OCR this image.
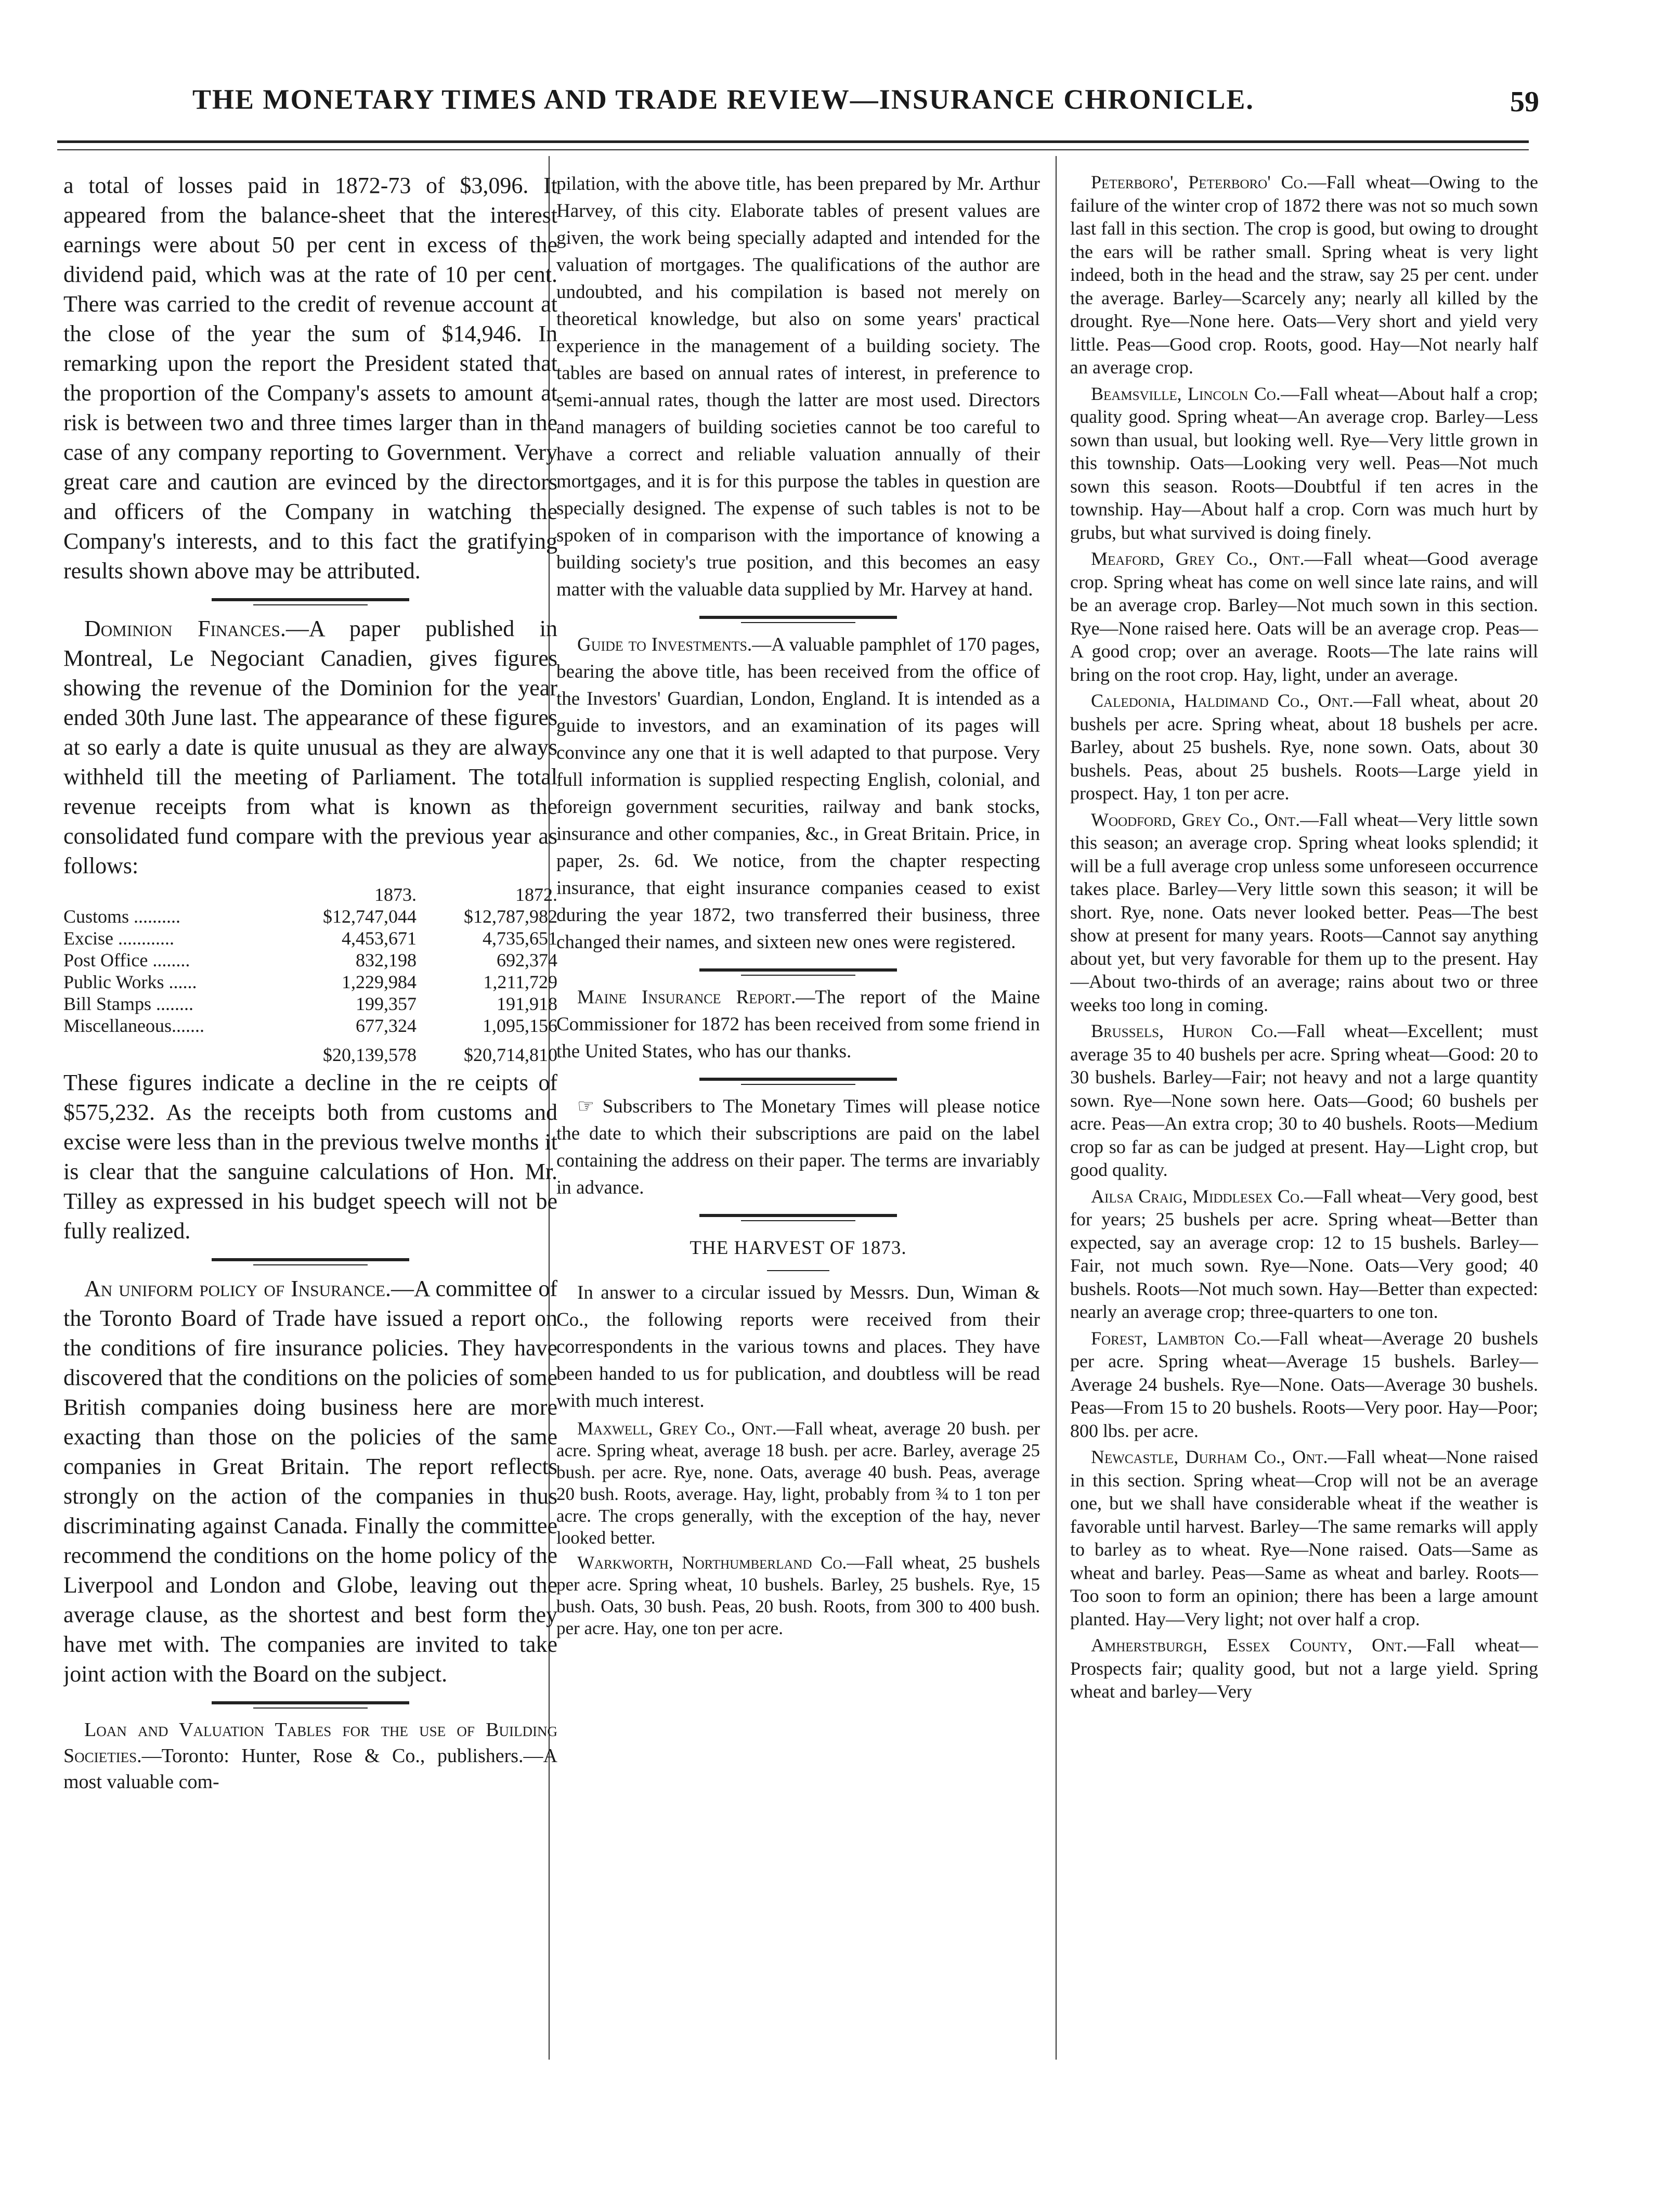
THE MONETARY TIMES AND TRADE REVIEW—INSURANCE CHRONICLE.	59

a total of losses paid in 1872-73 of $3,096. It appeared from the balance-sheet that the interest earnings were about 50 per cent in excess of the dividend paid, which was at the rate of 10 per cent. There was carried to the credit of revenue account at the close of the year the sum of $14,946. In remarking upon the report the President stated that the proportion of the Company's assets to amount at risk is between two and three times larger than in the case of any company reporting to Government. Very great care and caution are evinced by the directors and officers of the Company in watching the Company's interests, and to this fact the gratifying results shown above may be attributed.

Dominion Finances.—A paper published in Montreal, Le Negociant Canadien, gives figures showing the revenue of the Dominion for the year ended 30th June last. The appearance of these figures at so early a date is quite unusual as they are always withheld till the meeting of Parliament. The total revenue receipts from what is known as the consolidated fund compare with the previous year as follows:

	1873.	1872.
Customs ..........	$12,747,044	$12,787,982
Excise ............	4,453,671	4,735,651
Post Office ........	832,198	692,374
Public Works ......	1,229,984	1,211,729
Bill Stamps ........	199,357	191,918
Miscellaneous.......	677,324	1,095,156
	$20,139,578	$20,714,810

These figures indicate a decline in the re ceipts of $575,232. As the receipts both from customs and excise were less than in the previous twelve months it is clear that the sanguine calculations of Hon. Mr. Tilley as expressed in his budget speech will not be fully realized.

An uniform policy of Insurance.—A committee of the Toronto Board of Trade have issued a report on the conditions of fire insurance policies. They have discovered that the conditions on the policies of some British companies doing business here are more exacting than those on the policies of the same companies in Great Britain. The report reflects strongly on the action of the companies in thus discriminating against Canada. Finally the committee recommend the conditions on the home policy of the Liverpool and London and Globe, leaving out the average clause, as the shortest and best form they have met with. The companies are invited to take joint action with the Board on the subject.

Loan and Valuation Tables for the use of Building Societies.—Toronto: Hunter, Rose & Co., publishers.—A most valuable com-

pilation, with the above title, has been prepared by Mr. Arthur Harvey, of this city. Elaborate tables of present values are given, the work being specially adapted and intended for the valuation of mortgages. The qualifications of the author are undoubted, and his compilation is based not merely on theoretical knowledge, but also on some years' practical experience in the management of a building society. The tables are based on annual rates of interest, in preference to semi-annual rates, though the latter are most used. Directors and managers of building societies cannot be too careful to have a correct and reliable valuation annually of their mortgages, and it is for this purpose the tables in question are specially designed. The expense of such tables is not to be spoken of in comparison with the importance of knowing a building society's true position, and this becomes an easy matter with the valuable data supplied by Mr. Harvey at hand.

Guide to Investments.—A valuable pamphlet of 170 pages, bearing the above title, has been received from the office of the Investors' Guardian, London, England. It is intended as a guide to investors, and an examination of its pages will convince any one that it is well adapted to that purpose. Very full information is supplied respecting English, colonial, and foreign government securities, railway and bank stocks, insurance and other companies, &c., in Great Britain. Price, in paper, 2s. 6d. We notice, from the chapter respecting insurance, that eight insurance companies ceased to exist during the year 1872, two transferred their business, three changed their names, and sixteen new ones were registered.

Maine Insurance Report.—The report of the Maine Commissioner for 1872 has been received from some friend in the United States, who has our thanks.

☞ Subscribers to The Monetary Times will please notice the date to which their subscriptions are paid on the label containing the address on their paper. The terms are invariably in advance.

THE HARVEST OF 1873.

In answer to a circular issued by Messrs. Dun, Wiman & Co., the following reports were received from their correspondents in the various towns and places. They have been handed to us for publication, and doubtless will be read with much interest.

Maxwell, Grey Co., Ont.—Fall wheat, average 20 bush. per acre. Spring wheat, average 18 bush. per acre. Barley, average 25 bush. per acre. Rye, none. Oats, average 40 bush. Peas, average 20 bush. Roots, average. Hay, light, probably from ¾ to 1 ton per acre. The crops generally, with the exception of the hay, never looked better.

Warkworth, Northumberland Co.—Fall wheat, 25 bushels per acre. Spring wheat, 10 bushels. Barley, 25 bushels. Rye, 15 bush. Oats, 30 bush. Peas, 20 bush. Roots, from 300 to 400 bush. per acre. Hay, one ton per acre.

Peterboro', Peterboro' Co.—Fall wheat—Owing to the failure of the winter crop of 1872 there was not so much sown last fall in this section. The crop is good, but owing to drought the ears will be rather small. Spring wheat is very light indeed, both in the head and the straw, say 25 per cent. under the average. Barley—Scarcely any; nearly all killed by the drought. Rye—None here. Oats—Very short and yield very little. Peas—Good crop. Roots, good. Hay—Not nearly half an average crop.

Beamsville, Lincoln Co.—Fall wheat—About half a crop; quality good. Spring wheat—An average crop. Barley—Less sown than usual, but looking well. Rye—Very little grown in this township. Oats—Looking very well. Peas—Not much sown this season. Roots—Doubtful if ten acres in the township. Hay—About half a crop. Corn was much hurt by grubs, but what survived is doing finely.

Meaford, Grey Co., Ont.—Fall wheat—Good average crop. Spring wheat has come on well since late rains, and will be an average crop. Barley—Not much sown in this section. Rye—None raised here. Oats will be an average crop. Peas—A good crop; over an average. Roots—The late rains will bring on the root crop. Hay, light, under an average.

Caledonia, Haldimand Co., Ont.—Fall wheat, about 20 bushels per acre. Spring wheat, about 18 bushels per acre. Barley, about 25 bushels. Rye, none sown. Oats, about 30 bushels. Peas, about 25 bushels. Roots—Large yield in prospect. Hay, 1 ton per acre.

Woodford, Grey Co., Ont.—Fall wheat—Very little sown this season; an average crop. Spring wheat looks splendid; it will be a full average crop unless some unforeseen occurrence takes place. Barley—Very little sown this season; it will be short. Rye, none. Oats never looked better. Peas—The best show at present for many years. Roots—Cannot say anything about yet, but very favorable for them up to the present. Hay—About two-thirds of an average; rains about two or three weeks too long in coming.

Brussels, Huron Co.—Fall wheat—Excellent; must average 35 to 40 bushels per acre. Spring wheat—Good: 20 to 30 bushels. Barley—Fair; not heavy and not a large quantity sown. Rye—None sown here. Oats—Good; 60 bushels per acre. Peas—An extra crop; 30 to 40 bushels. Roots—Medium crop so far as can be judged at present. Hay—Light crop, but good quality.

Ailsa Craig, Middlesex Co.—Fall wheat—Very good, best for years; 25 bushels per acre. Spring wheat—Better than expected, say an average crop: 12 to 15 bushels. Barley—Fair, not much sown. Rye—None. Oats—Very good; 40 bushels. Roots—Not much sown. Hay—Better than expected: nearly an average crop; three-quarters to one ton.

Forest, Lambton Co.—Fall wheat—Average 20 bushels per acre. Spring wheat—Average 15 bushels. Barley—Average 24 bushels. Rye—None. Oats—Average 30 bushels. Peas—From 15 to 20 bushels. Roots—Very poor. Hay—Poor; 800 lbs. per acre.

Newcastle, Durham Co., Ont.—Fall wheat—None raised in this section. Spring wheat—Crop will not be an average one, but we shall have considerable wheat if the weather is favorable until harvest. Barley—The same remarks will apply to barley as to wheat. Rye—None raised. Oats—Same as wheat and barley. Peas—Same as wheat and barley. Roots—Too soon to form an opinion; there has been a large amount planted. Hay—Very light; not over half a crop.

Amherstburgh, Essex County, Ont.—Fall wheat—Prospects fair; quality good, but not a large yield. Spring wheat and barley—Very
